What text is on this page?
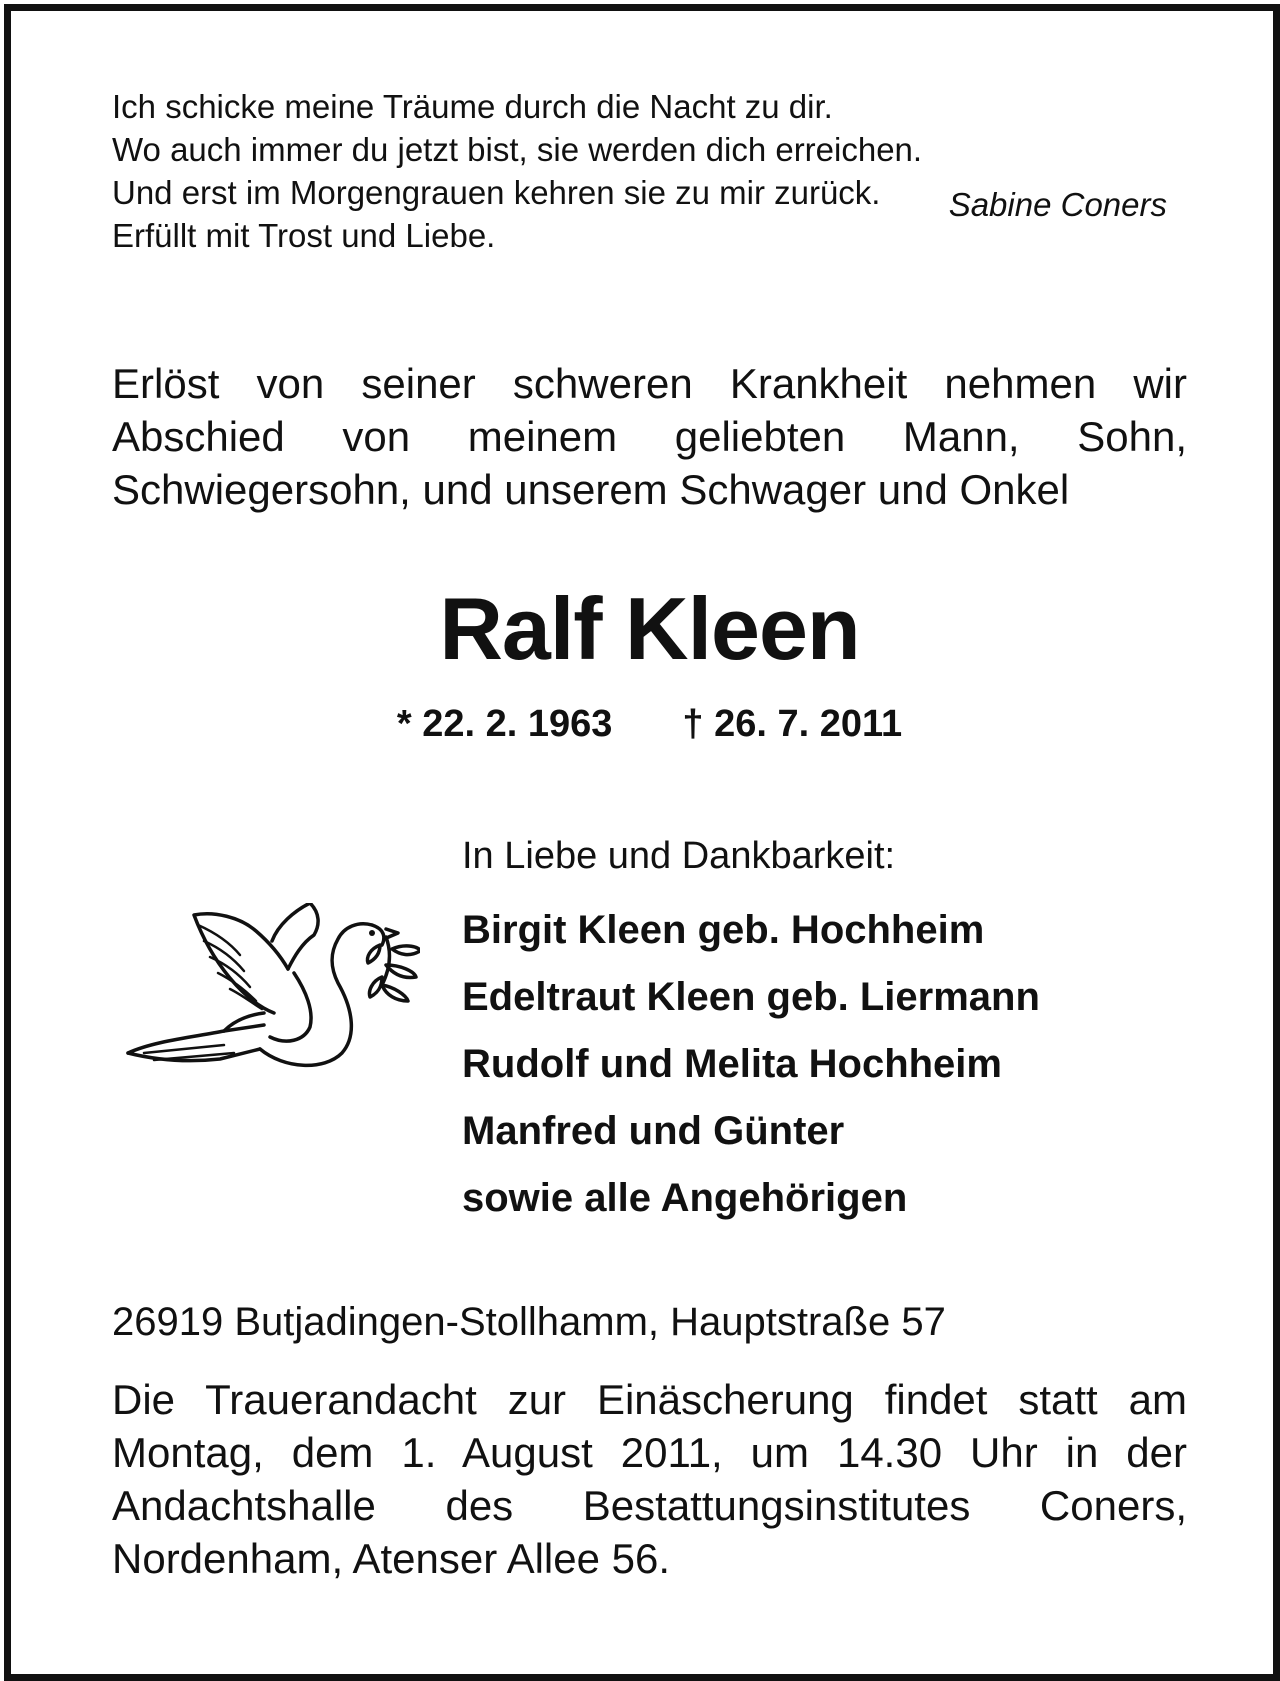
Ich schicke meine Träume durch die Nacht zu dir.
Wo auch immer du jetzt bist, sie werden dich erreichen.
Und erst im Morgengrauen kehren sie zu mir zurück.
Erfüllt mit Trost und Liebe.
Sabine Coners
Erlöst von seiner schweren Krankheit nehmen wir
Abschied von meinem geliebten Mann, Sohn,
Schwiegersohn, und unserem Schwager und Onkel
Ralf Kleen
* 22. 2. 1963 † 26. 7. 2011
In Liebe und Dankbarkeit:
Birgit Kleen geb. Hochheim
Edeltraut Kleen geb. Liermann
Rudolf und Melita Hochheim
Manfred und Günter
sowie alle Angehörigen
26919 Butjadingen-Stollhamm, Hauptstraße 57
Die Trauerandacht zur Einäscherung findet statt am
Montag, dem 1. August 2011, um 14.30 Uhr in der
Andachtshalle des Bestattungsinstitutes Coners,
Nordenham, Atenser Allee 56.
